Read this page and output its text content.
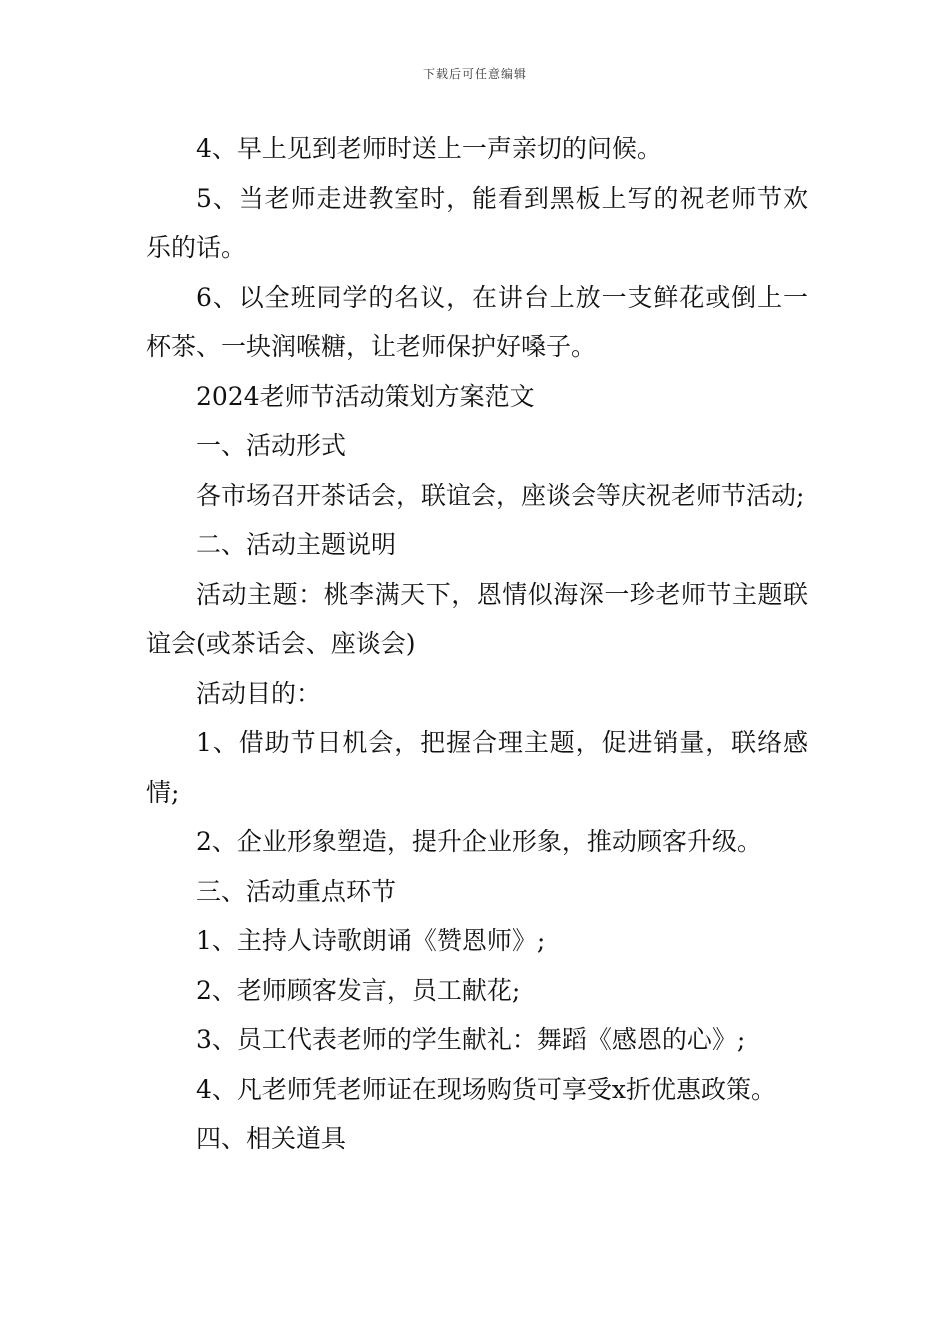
下载后可任意编辑

4、早上见到老师时送上一声亲切的问候。

5、当老师走进教室时，能看到黑板上写的祝老师节欢乐的话。

6、以全班同学的名议，在讲台上放一支鲜花或倒上一杯茶、一块润喉糖，让老师保护好嗓子。

2024老师节活动策划方案范文

一、活动形式

各市场召开茶话会，联谊会，座谈会等庆祝老师节活动;

二、活动主题说明

活动主题：桃李满天下，恩情似海深一珍老师节主题联谊会(或茶话会、座谈会)

活动目的：

1、借助节日机会，把握合理主题，促进销量，联络感情;

2、企业形象塑造，提升企业形象，推动顾客升级。

三、活动重点环节

1、主持人诗歌朗诵《赞恩师》;

2、老师顾客发言，员工献花;

3、员工代表老师的学生献礼：舞蹈《感恩的心》;

4、凡老师凭老师证在现场购货可享受x折优惠政策。

四、相关道具
